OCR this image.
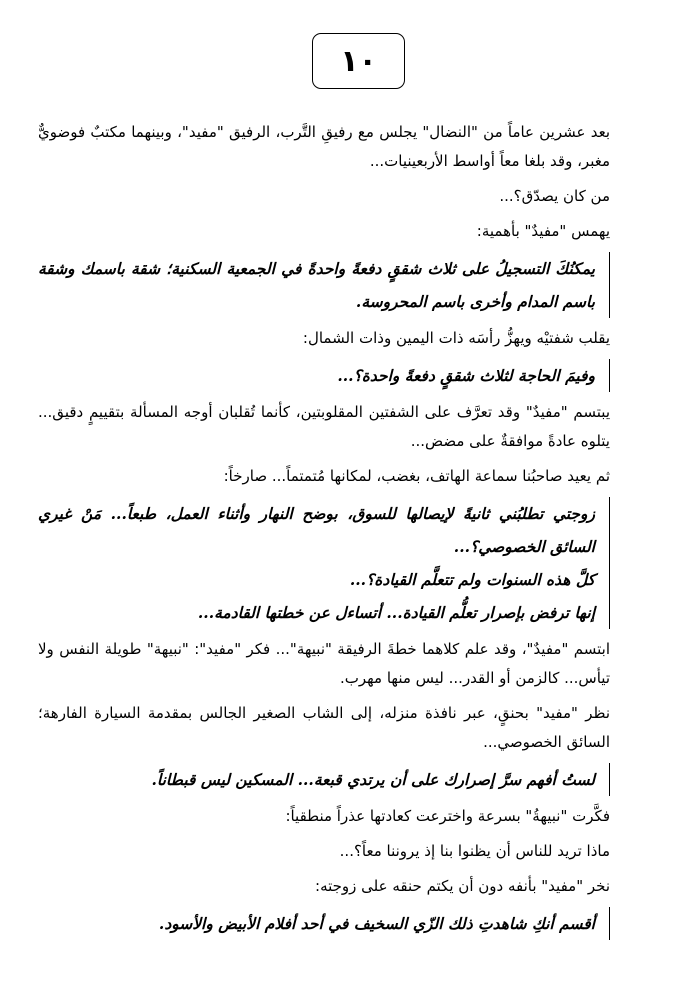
١٠

بعد عشرين عاماً من "النضال" يجلس مع رفيقِ التَّرب، الرفيق "مفيد"، وبينهما مكتبٌ فوضويٌّ مغبر، وقد بلغا معاً أواسط الأربعينيات...

من كان يصدّق؟...

يهمس "مفيدٌ" بأهمية:

يمكنُكَ التسجيلُ على ثلاث شققٍ دفعةً واحدةً في الجمعية السكنية؛ شقة باسمك وشقة باسم المدام وأخرى باسم المحروسة.

يقلب شفتيْه ويهزُّ رأسَه ذات اليمين وذات الشمال:

وفيمَ الحاجة لثلاث شققٍ دفعةً واحدة؟...

يبتسم "مفيدٌ" وقد تعرَّف على الشفتين المقلوبتين، كأنما تُقلبان أوجه المسألة بتقييمٍ دقيق... يتلوه عادةً موافقةٌ على مضض...

ثم يعيد صاحبُنا سماعة الهاتف، بغضب، لمكانها مُتمتماً... صارخاً:

زوجتي تطلبُني ثانيةً لإيصالها للسوق، بوضح النهار وأثناء العمل، طبعاً... مَنْ غيري السائق الخصوصي؟...
كلَّ هذه السنوات ولم تتعلَّم القيادة؟...
إنها ترفض بإصرار تعلُّم القيادة... أتساءل عن خطتها القادمة...

ابتسم "مفيدٌ"، وقد علم كلاهما خطةَ الرفيقة "نبيهة"... فكر "مفيد": "نبيهة" طويلة النفس ولا تيأس... كالزمن أو القدر... ليس منها مهرب.

نظر "مفيد" بحنقٍ، عبر نافذة منزله، إلى الشاب الصغير الجالس بمقدمة السيارة الفارهة؛ السائق الخصوصي...

لستُ أفهم سرَّ إصرارك على أن يرتدي قبعة... المسكين ليس قبطاناً.

فكَّرت "نبيهةُ" بسرعة واخترعت كعادتها عذراً منطقياً:

ماذا تريد للناس أن يظنوا بنا إذ يروننا معاً؟...

نخر "مفيد" بأنفه دون أن يكتم حنقه على زوجته:

أقسم أنكِ شاهدتِ ذلك الزّي السخيف في أحد أفلام الأبيض والأسود.
